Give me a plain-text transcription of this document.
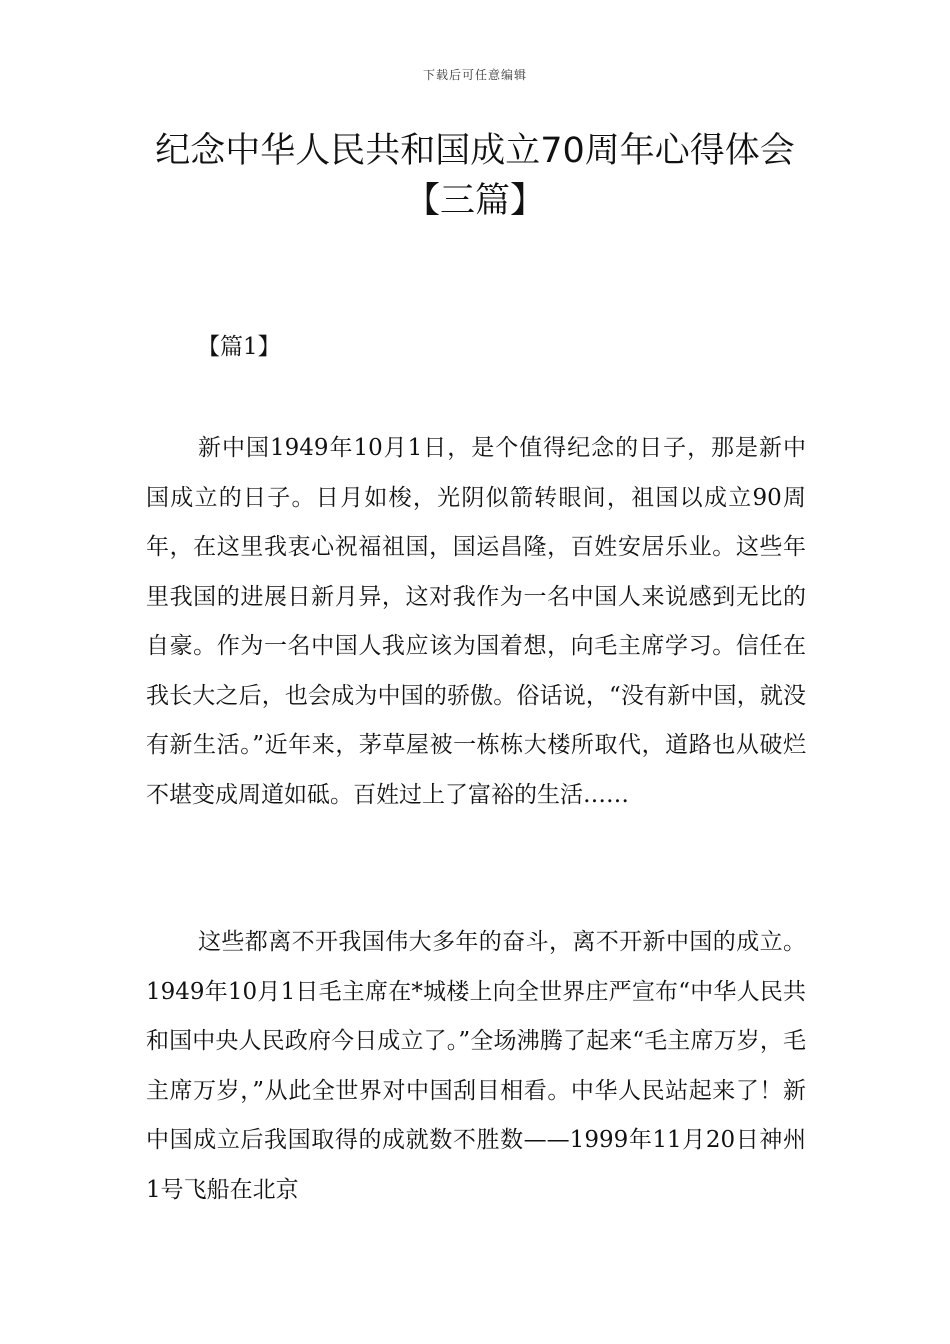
下载后可任意编辑
纪念中华人民共和国成立70周年心得体会
【三篇】
【篇1】

新中国1949年10月1日，是个值得纪念的日子，那是新中国成立的日子。日月如梭，光阴似箭转眼间，祖国以成立90周年，在这里我衷心祝福祖国，国运昌隆，百姓安居乐业。这些年里我国的进展日新月异，这对我作为一名中国人来说感到无比的自豪。作为一名中国人我应该为国着想，向毛主席学习。信任在我长大之后，也会成为中国的骄傲。俗话说，“没有新中国，就没有新生活。”近年来，茅草屋被一栋栋大楼所取代，道路也从破烂不堪变成周道如砥。百姓过上了富裕的生活……

这些都离不开我国伟大多年的奋斗，离不开新中国的成立。1949年10月1日毛主席在*城楼上向全世界庄严宣布“中华人民共和国中央人民政府今日成立了。”全场沸腾了起来“毛主席万岁，毛主席万岁，”从此全世界对中国刮目相看。中华人民站起来了！新中国成立后我国取得的成就数不胜数——1999年11月20日神州1号飞船在北京
